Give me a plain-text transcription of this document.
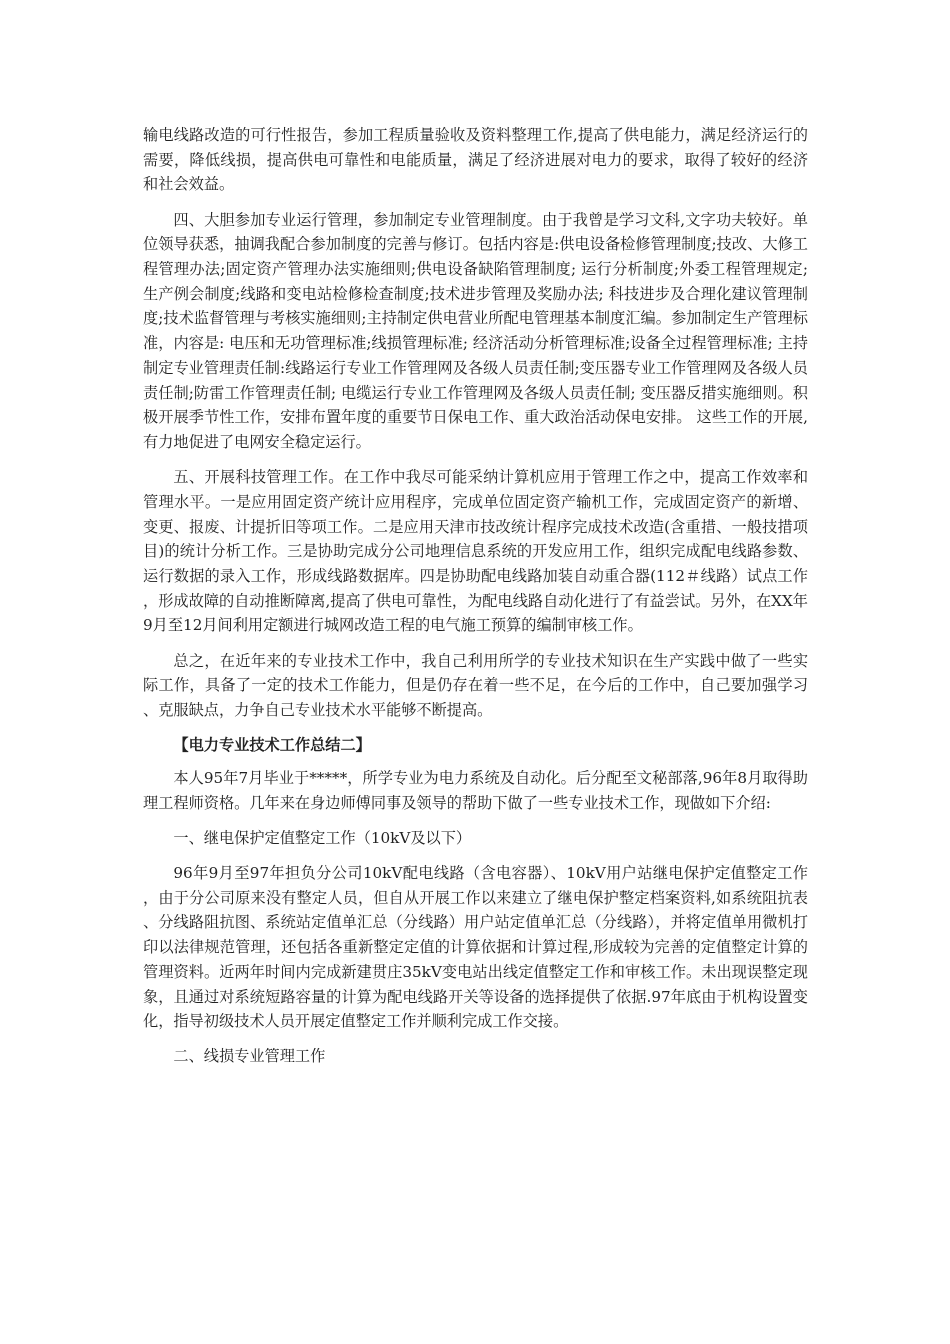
输电线路改造的可行性报告，参加工程质量验收及资料整理工作,提高了供电能力，满足经济运行的需要，降低线损，提高供电可靠性和电能质量，满足了经济进展对电力的要求，取得了较好的经济和社会效益。

四、大胆参加专业运行管理，参加制定专业管理制度。由于我曾是学习文科,文字功夫较好。单位领导获悉，抽调我配合参加制度的完善与修订。包括内容是:供电设备检修管理制度;技改、大修工程管理办法;固定资产管理办法实施细则;供电设备缺陷管理制度; 运行分析制度;外委工程管理规定;生产例会制度;线路和变电站检修检查制度;技术进步管理及奖励办法; 科技进步及合理化建议管理制度;技术监督管理与考核实施细则;主持制定供电营业所配电管理基本制度汇编。参加制定生产管理标准，内容是: 电压和无功管理标准;线损管理标准; 经济活动分析管理标准;设备全过程管理标准; 主持制定专业管理责任制:线路运行专业工作管理网及各级人员责任制;变压器专业工作管理网及各级人员责任制;防雷工作管理责任制; 电缆运行专业工作管理网及各级人员责任制; 变压器反措实施细则。积极开展季节性工作，安排布置年度的重要节日保电工作、重大政治活动保电安排。 这些工作的开展,有力地促进了电网安全稳定运行。

五、开展科技管理工作。在工作中我尽可能采纳计算机应用于管理工作之中，提高工作效率和管理水平。一是应用固定资产统计应用程序，完成单位固定资产输机工作，完成固定资产的新增、变更、报废、计提折旧等项工作。二是应用天津市技改统计程序完成技术改造(含重措、一般技措项目)的统计分析工作。三是协助完成分公司地理信息系统的开发应用工作，组织完成配电线路参数、运行数据的录入工作，形成线路数据库。四是协助配电线路加装自动重合器(112＃线路）试点工作，形成故障的自动推断障离,提高了供电可靠性，为配电线路自动化进行了有益尝试。另外，在XX年9月至12月间利用定额进行城网改造工程的电气施工预算的编制审核工作。

总之，在近年来的专业技术工作中，我自己利用所学的专业技术知识在生产实践中做了一些实际工作，具备了一定的技术工作能力，但是仍存在着一些不足，在今后的工作中，自己要加强学习、克服缺点，力争自己专业技术水平能够不断提高。

【电力专业技术工作总结二】

本人95年7月毕业于*****，所学专业为电力系统及自动化。后分配至文秘部落,96年8月取得助理工程师资格。几年来在身边师傅同事及领导的帮助下做了一些专业技术工作，现做如下介绍:

一、继电保护定值整定工作（10kV及以下）

96年9月至97年担负分公司10kV配电线路（含电容器）、10kV用户站继电保护定值整定工作，由于分公司原来没有整定人员，但自从开展工作以来建立了继电保护整定档案资料,如系统阻抗表、分线路阻抗图、系统站定值单汇总（分线路）用户站定值单汇总（分线路），并将定值单用微机打印以法律规范管理，还包括各重新整定定值的计算依据和计算过程,形成较为完善的定值整定计算的管理资料。近两年时间内完成新建贯庄35kV变电站出线定值整定工作和审核工作。未出现误整定现象，且通过对系统短路容量的计算为配电线路开关等设备的选择提供了依据.97年底由于机构设置变化，指导初级技术人员开展定值整定工作并顺利完成工作交接。

二、线损专业管理工作
